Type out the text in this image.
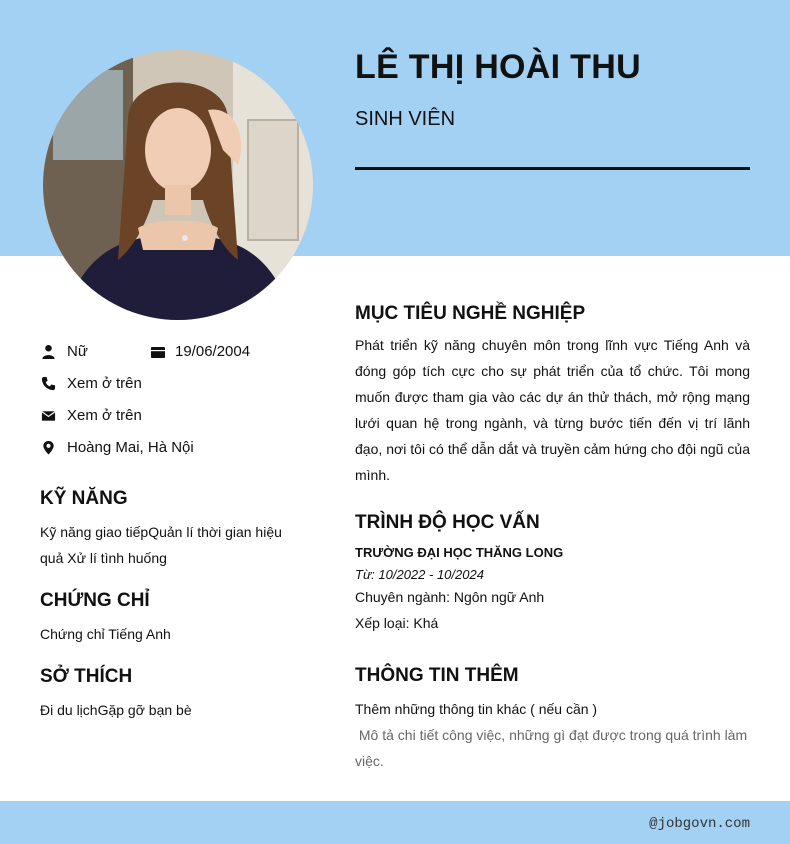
LÊ THỊ HOÀI THU
SINH VIÊN
Nữ	19/06/2004
Xem ở trên
Xem ở trên
Hoàng Mai, Hà Nội
KỸ NĂNG
Kỹ năng giao tiếpQuản lí thời gian hiệu quả Xử lí tình huống
CHỨNG CHỈ
Chứng chỉ Tiếng Anh
SỞ THÍCH
Đi du lịchGặp gỡ bạn bè
MỤC TIÊU NGHỀ NGHIỆP

Phát triển kỹ năng chuyên môn trong lĩnh vực Tiếng Anh và đóng góp tích cực cho sự phát triển của tổ chức. Tôi mong muốn được tham gia vào các dự án thử thách, mở rộng mạng lưới quan hệ trong ngành, và từng bước tiến đến vị trí lãnh đạo, nơi tôi có thể dẫn dắt và truyền cảm hứng cho đội ngũ của mình.

TRÌNH ĐỘ HỌC VẤN
TRƯỜNG ĐẠI HỌC THĂNG LONG
Từ: 10/2022 - 10/2024
Chuyên ngành: Ngôn ngữ Anh
Xếp loại: Khá
THÔNG TIN THÊM
Thêm những thông tin khác ( nếu cần )
Mô tả chi tiết công việc, những gì đạt được trong quá trình làm việc.
@jobgovn.com
